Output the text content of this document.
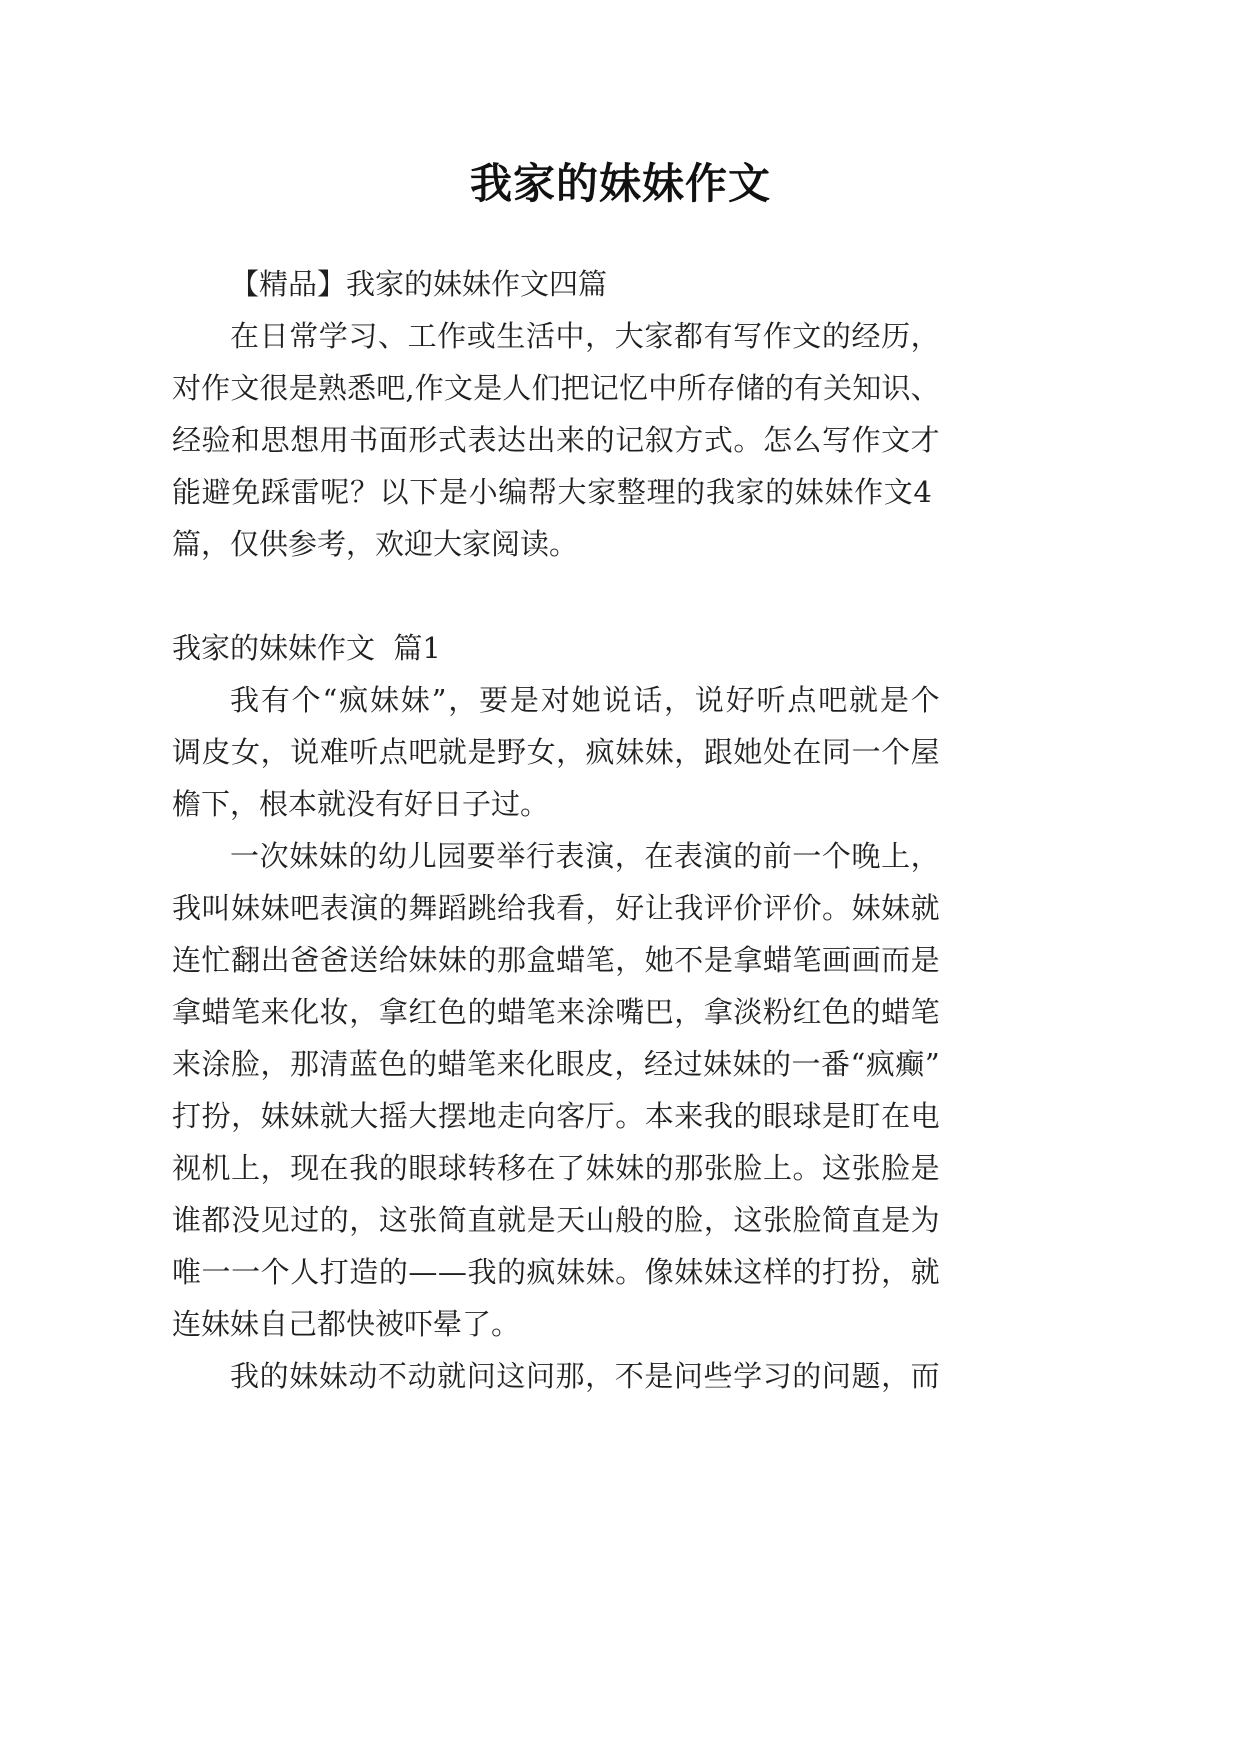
我家的妹妹作文
【精品】我家的妹妹作文四篇
在 日 常 学 习 、 工 作 或 生 活 中 ， 大 家 都 有 写 作 文 的 经 历 ，
对 作 文 很 是 熟 悉 吧 , 作 文 是 人 们 把 记 忆 中 所 存 储 的 有 关 知 识 、
经 验 和 思 想 用 书 面 形 式 表 达 出 来 的 记 叙 方 式 。 怎 么 写 作 文 才
能 避 免 踩 雷 呢 ？ 以 下 是 小 编 帮 大 家 整 理 的 我 家 的 妹 妹 作 文 4
篇，仅供参考，欢迎大家阅读。
我家的妹妹作文  篇1
我 有 个 “ 疯 妹 妹 ” ， 要 是 对 她 说 话 ， 说 好 听 点 吧 就 是 个
调 皮 女 ， 说 难 听 点 吧 就 是 野 女 ， 疯 妹 妹 ， 跟 她 处 在 同 一 个 屋
檐下，根本就没有好日子过。
一 次 妹 妹 的 幼 儿 园 要 举 行 表 演 ， 在 表 演 的 前 一 个 晚 上 ，
我 叫 妹 妹 吧 表 演 的 舞 蹈 跳 给 我 看 ， 好 让 我 评 价 评 价 。 妹 妹 就
连 忙 翻 出 爸 爸 送 给 妹 妹 的 那 盒 蜡 笔 ， 她 不 是 拿 蜡 笔 画 画 而 是
拿 蜡 笔 来 化 妆 ， 拿 红 色 的 蜡 笔 来 涂 嘴 巴 ， 拿 淡 粉 红 色 的 蜡 笔
来 涂 脸 ， 那 清 蓝 色 的 蜡 笔 来 化 眼 皮 ， 经 过 妹 妹 的 一 番 “ 疯 癫 ”
打 扮 ， 妹 妹 就 大 摇 大 摆 地 走 向 客 厅 。 本 来 我 的 眼 球 是 盯 在 电
视 机 上 ， 现 在 我 的 眼 球 转 移 在 了 妹 妹 的 那 张 脸 上 。 这 张 脸 是
谁 都 没 见 过 的 ， 这 张 简 直 就 是 天 山 般 的 脸 ， 这 张 脸 简 直 是 为
唯 一 一 个 人 打 造 的 — — 我 的 疯 妹 妹 。 像 妹 妹 这 样 的 打 扮 ， 就
连妹妹自己都快被吓晕了。
我 的 妹 妹 动 不 动 就 问 这 问 那 ， 不 是 问 些 学 习 的 问 题 ， 而
